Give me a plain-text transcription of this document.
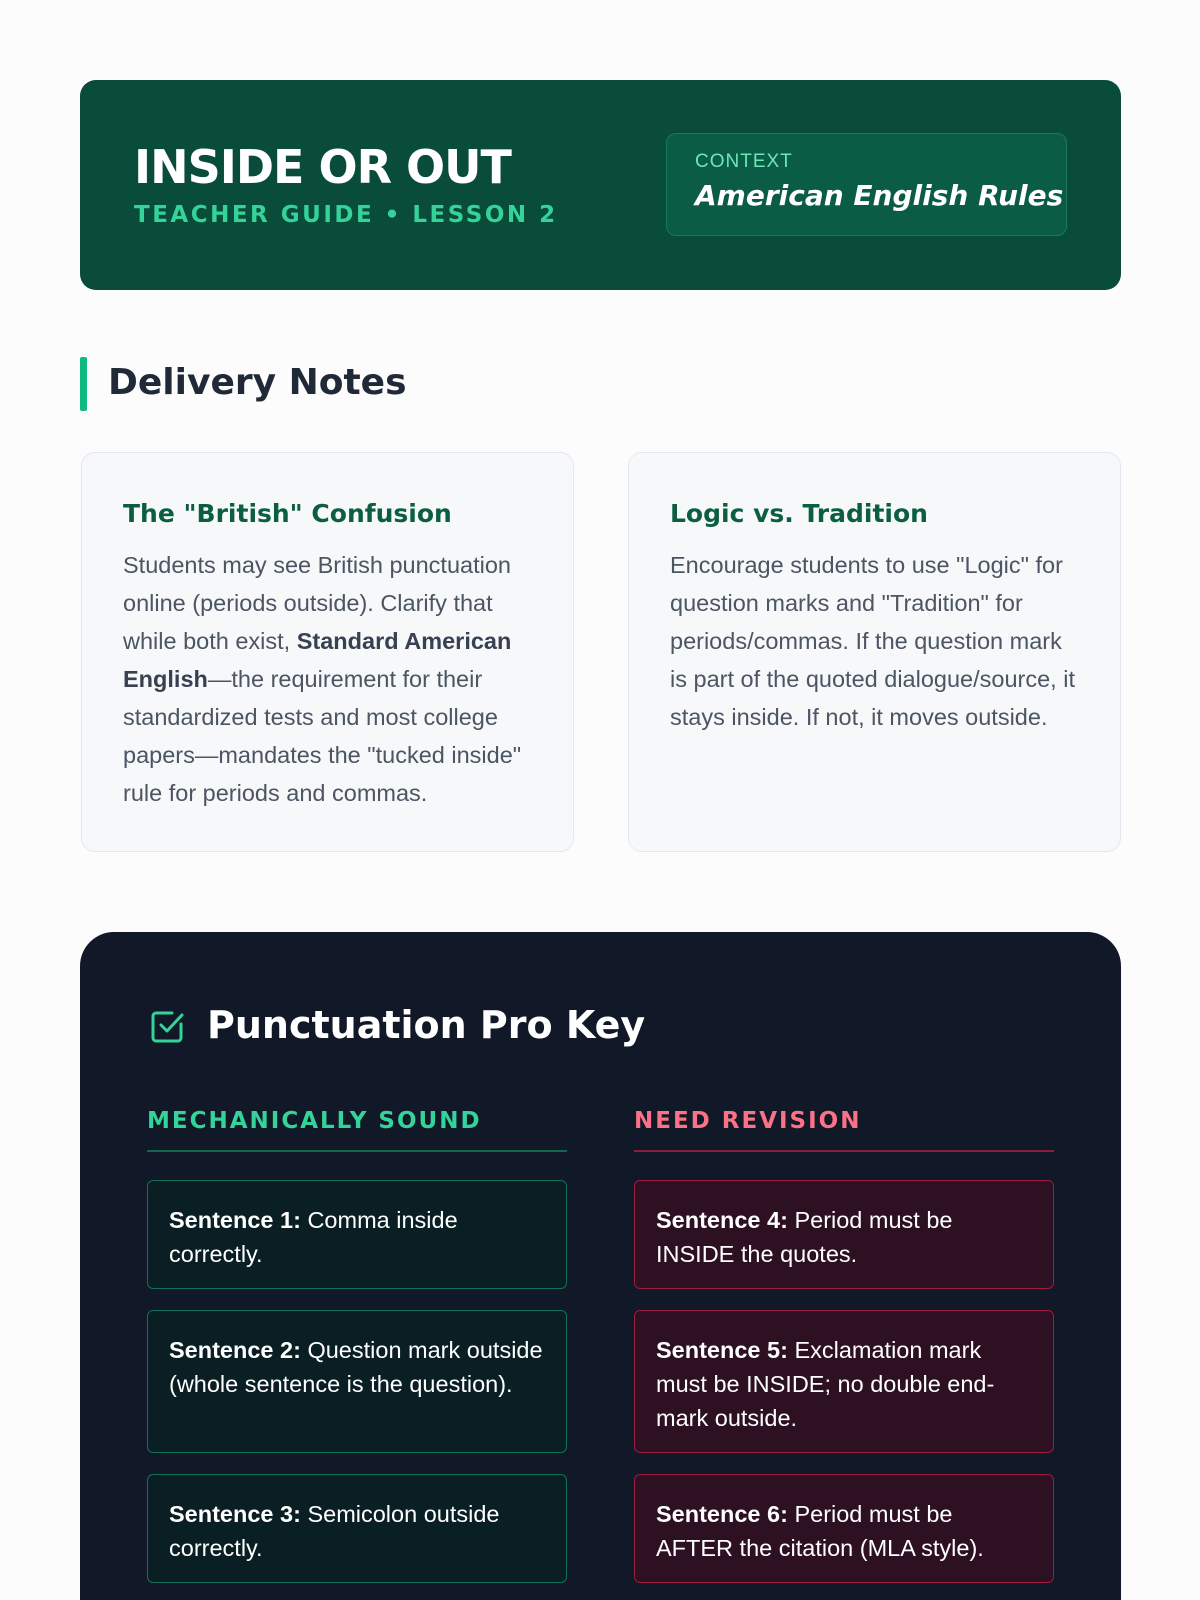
INSIDE OR OUT
TEACHER GUIDE • LESSON 2
CONTEXT
American English Rules
Delivery Notes
The "British" Confusion
Students may see British punctuation online (periods outside). Clarify that while both exist, Standard American English—the requirement for their standardized tests and most college papers—mandates the "tucked inside" rule for periods and commas.
Logic vs. Tradition
Encourage students to use "Logic" for question marks and "Tradition" for periods/commas. If the question mark is part of the quoted dialogue/source, it stays inside. If not, it moves outside.
Punctuation Pro Key
MECHANICALLY SOUND	NEED REVISION
Sentence 1: Comma inside correctly.
Sentence 2: Question mark outside (whole sentence is the question).
Sentence 3: Semicolon outside correctly.
Sentence 4: Period must be INSIDE the quotes.
Sentence 5: Exclamation mark must be INSIDE; no double end-mark outside.
Sentence 6: Period must be AFTER the citation (MLA style).
